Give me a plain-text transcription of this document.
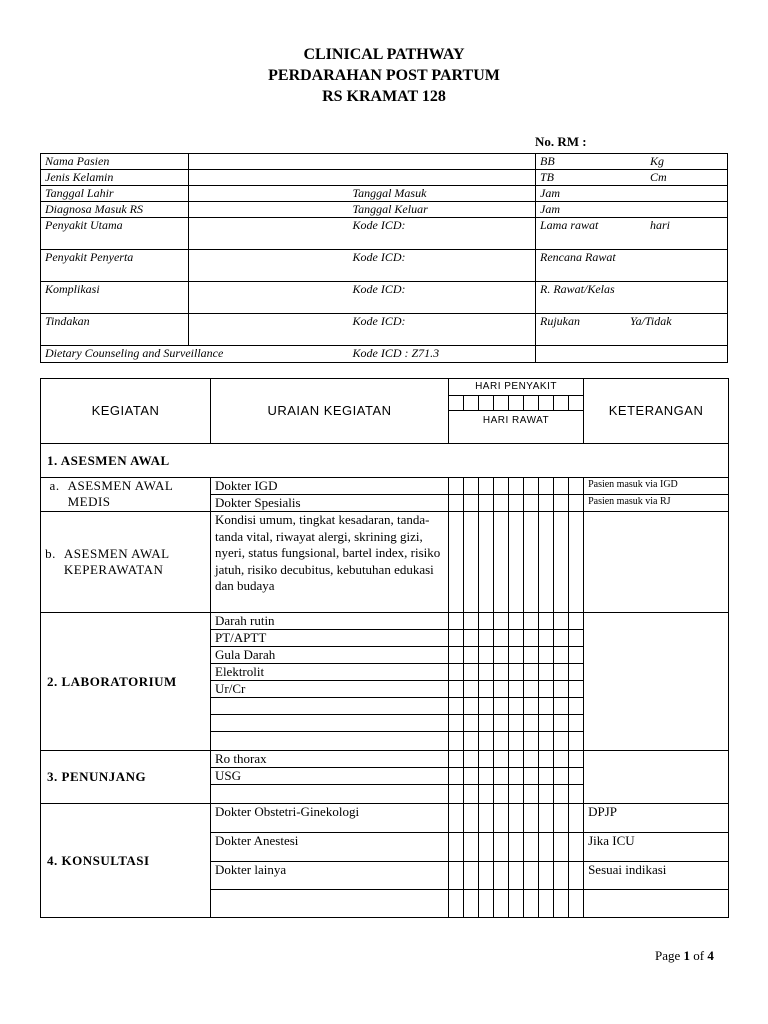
CLINICAL PATHWAY
PERDARAHAN POST PARTUM
RS KRAMAT 128
No. RM :
Nama Pasien			BB Kg

Jenis Kelamin			TB Cm

Tanggal Lahir		Tanggal Masuk	Jam
Diagnosa Masuk RS		Tanggal Keluar	Jam
Penyakit Utama		Kode ICD:	Lama rawat hari

Penyakit Penyerta		Kode ICD:	Rencana Rawat
Komplikasi		Kode ICD:	R. Rawat/Kelas
Tindakan		Kode ICD:	Rujukan Ya/Tidak

Dietary Counseling and Surveillance		Kode ICD : Z71.3	
KEGIATAN	URAIAN KEGIATAN	HARI PENYAKIT									KETERANGAN

		HARI RAWAT									
1. ASESMEN AWAL											

a. ASESMEN AWAL MEDIS	Dokter IGD										Pasien masuk via IGD
	Dokter Spesialis										Pasien masuk via RJ

b. ASESMEN AWAL KEPERAWATAN	Kondisi umum, tingkat kesadaran, tanda-tanda vital, riwayat alergi, skrining gizi, nyeri, status fungsional, bartel index, risiko jatuh, risiko decubitus, kebutuhan edukasi dan budaya										
2. LABORATORIUM	Darah rutin										
	PT/APTT										
	Gula Darah										
	Elektrolit										
	Ur/Cr										

3. PENUNJANG	Ro thorax										
	USG										

4. KONSULTASI	Dokter Obstetri-Ginekologi										DPJP
	Dokter Anestesi										Jika ICU
	Dokter lainya										Sesuai indikasi

Page 1 of 4
